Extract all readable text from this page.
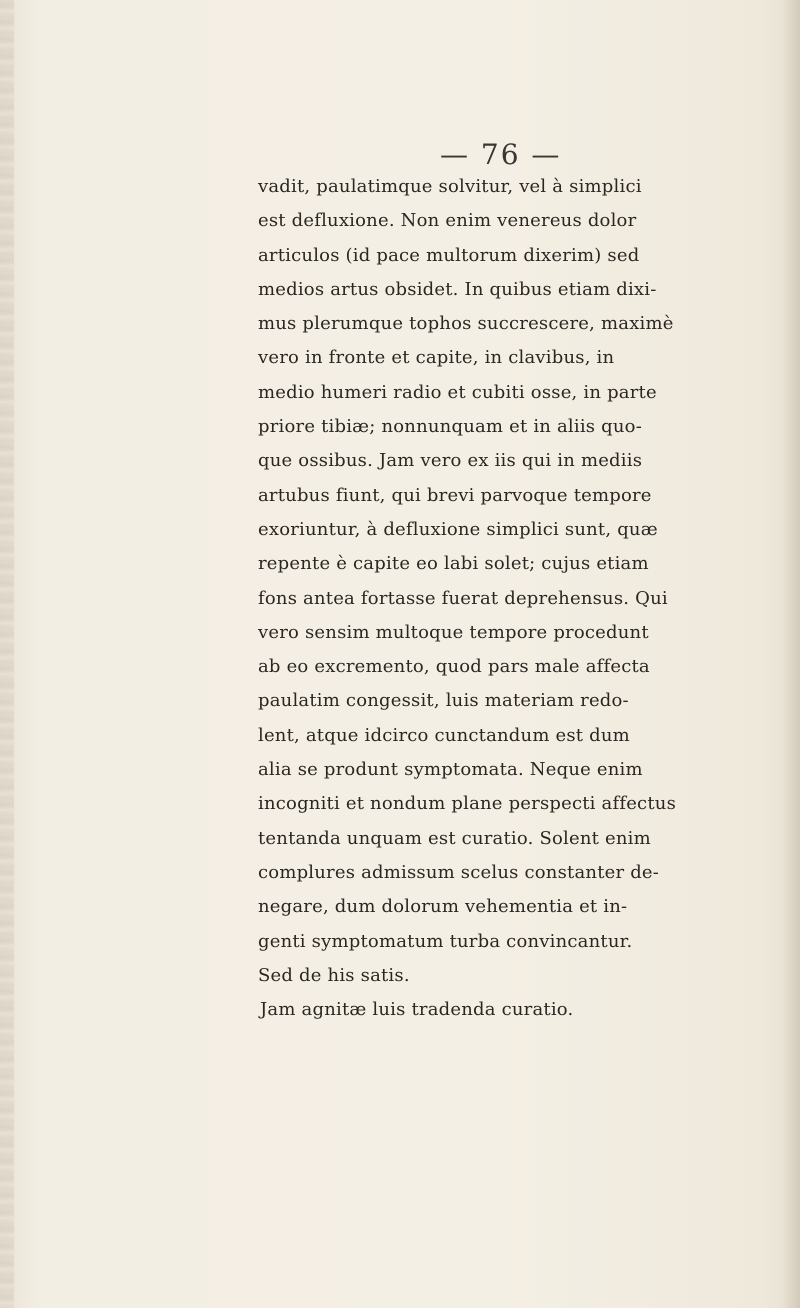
— 76 —
vadit, paulatimque solvitur, vel à simplici
est defluxione. Non enim venereus dolor
articulos (id pace multorum dixerim) sed
medios artus obsidet. In quibus etiam dixi-
mus plerumque tophos succrescere, maximè
vero in fronte et capite, in clavibus, in
medio humeri radio et cubiti osse, in parte
priore tibiæ; nonnunquam et in aliis quo-
que ossibus. Jam vero ex iis qui in mediis
artubus fiunt, qui brevi parvoque tempore
exoriuntur, à defluxione simplici sunt, quæ
repente è capite eo labi solet; cujus etiam
fons antea fortasse fuerat deprehensus. Qui
vero sensim multoque tempore procedunt
ab eo excremento, quod pars male affecta
paulatim congessit, luis materiam redo-
lent, atque idcirco cunctandum est dum
alia se produnt symptomata. Neque enim
incogniti et nondum plane perspecti affectus
tentanda unquam est curatio. Solent enim
complures admissum scelus constanter de-
negare, dum dolorum vehementia et in-
genti symptomatum turba convincantur.
Sed de his satis.
Jam agnitæ luis tradenda curatio.
